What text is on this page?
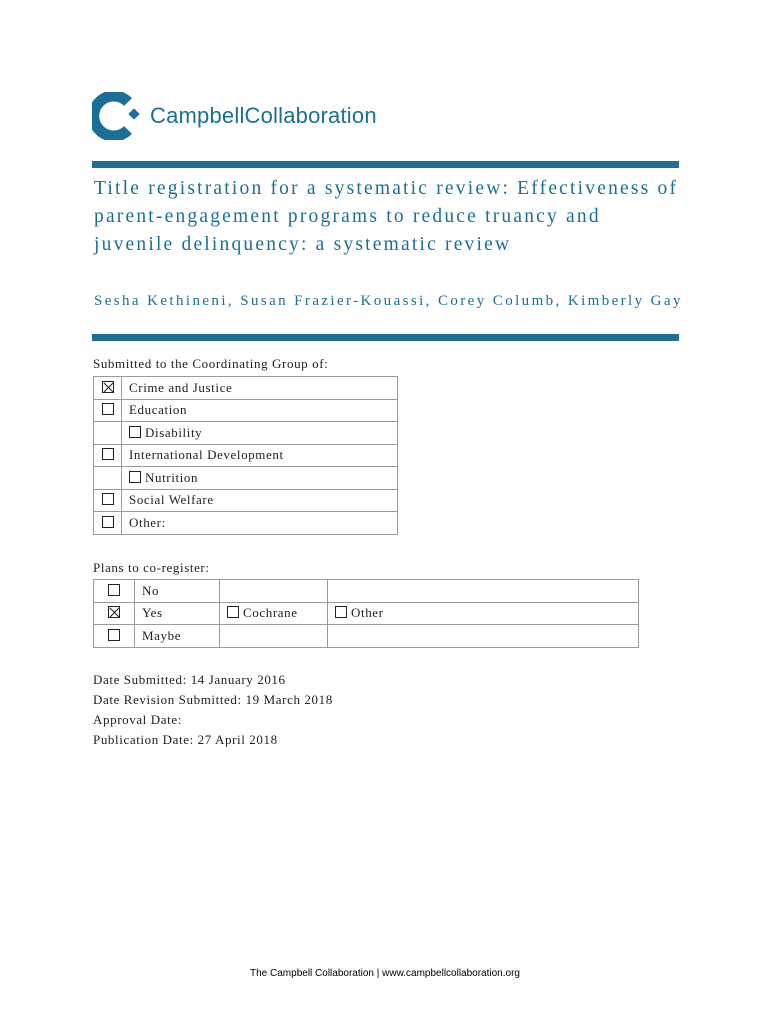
CampbellCollaboration
Title registration for a systematic review: Effectiveness of parent-engagement programs to reduce truancy and juvenile delinquency: a systematic review
Sesha Kethineni, Susan Frazier-Kouassi, Corey Columb, Kimberly Gay
Submitted to the Coordinating Group of:
	Crime and Justice
	Education
	Disability
	International Development
	Nutrition
	Social Welfare
	Other:
Plans to co-register:
	No		
	Yes	Cochrane	Other
	Maybe		
Date Submitted: 14 January 2016
Date Revision Submitted: 19 March 2018
Approval Date:
Publication Date: 27 April 2018
The Campbell Collaboration | www.campbellcollaboration.org
